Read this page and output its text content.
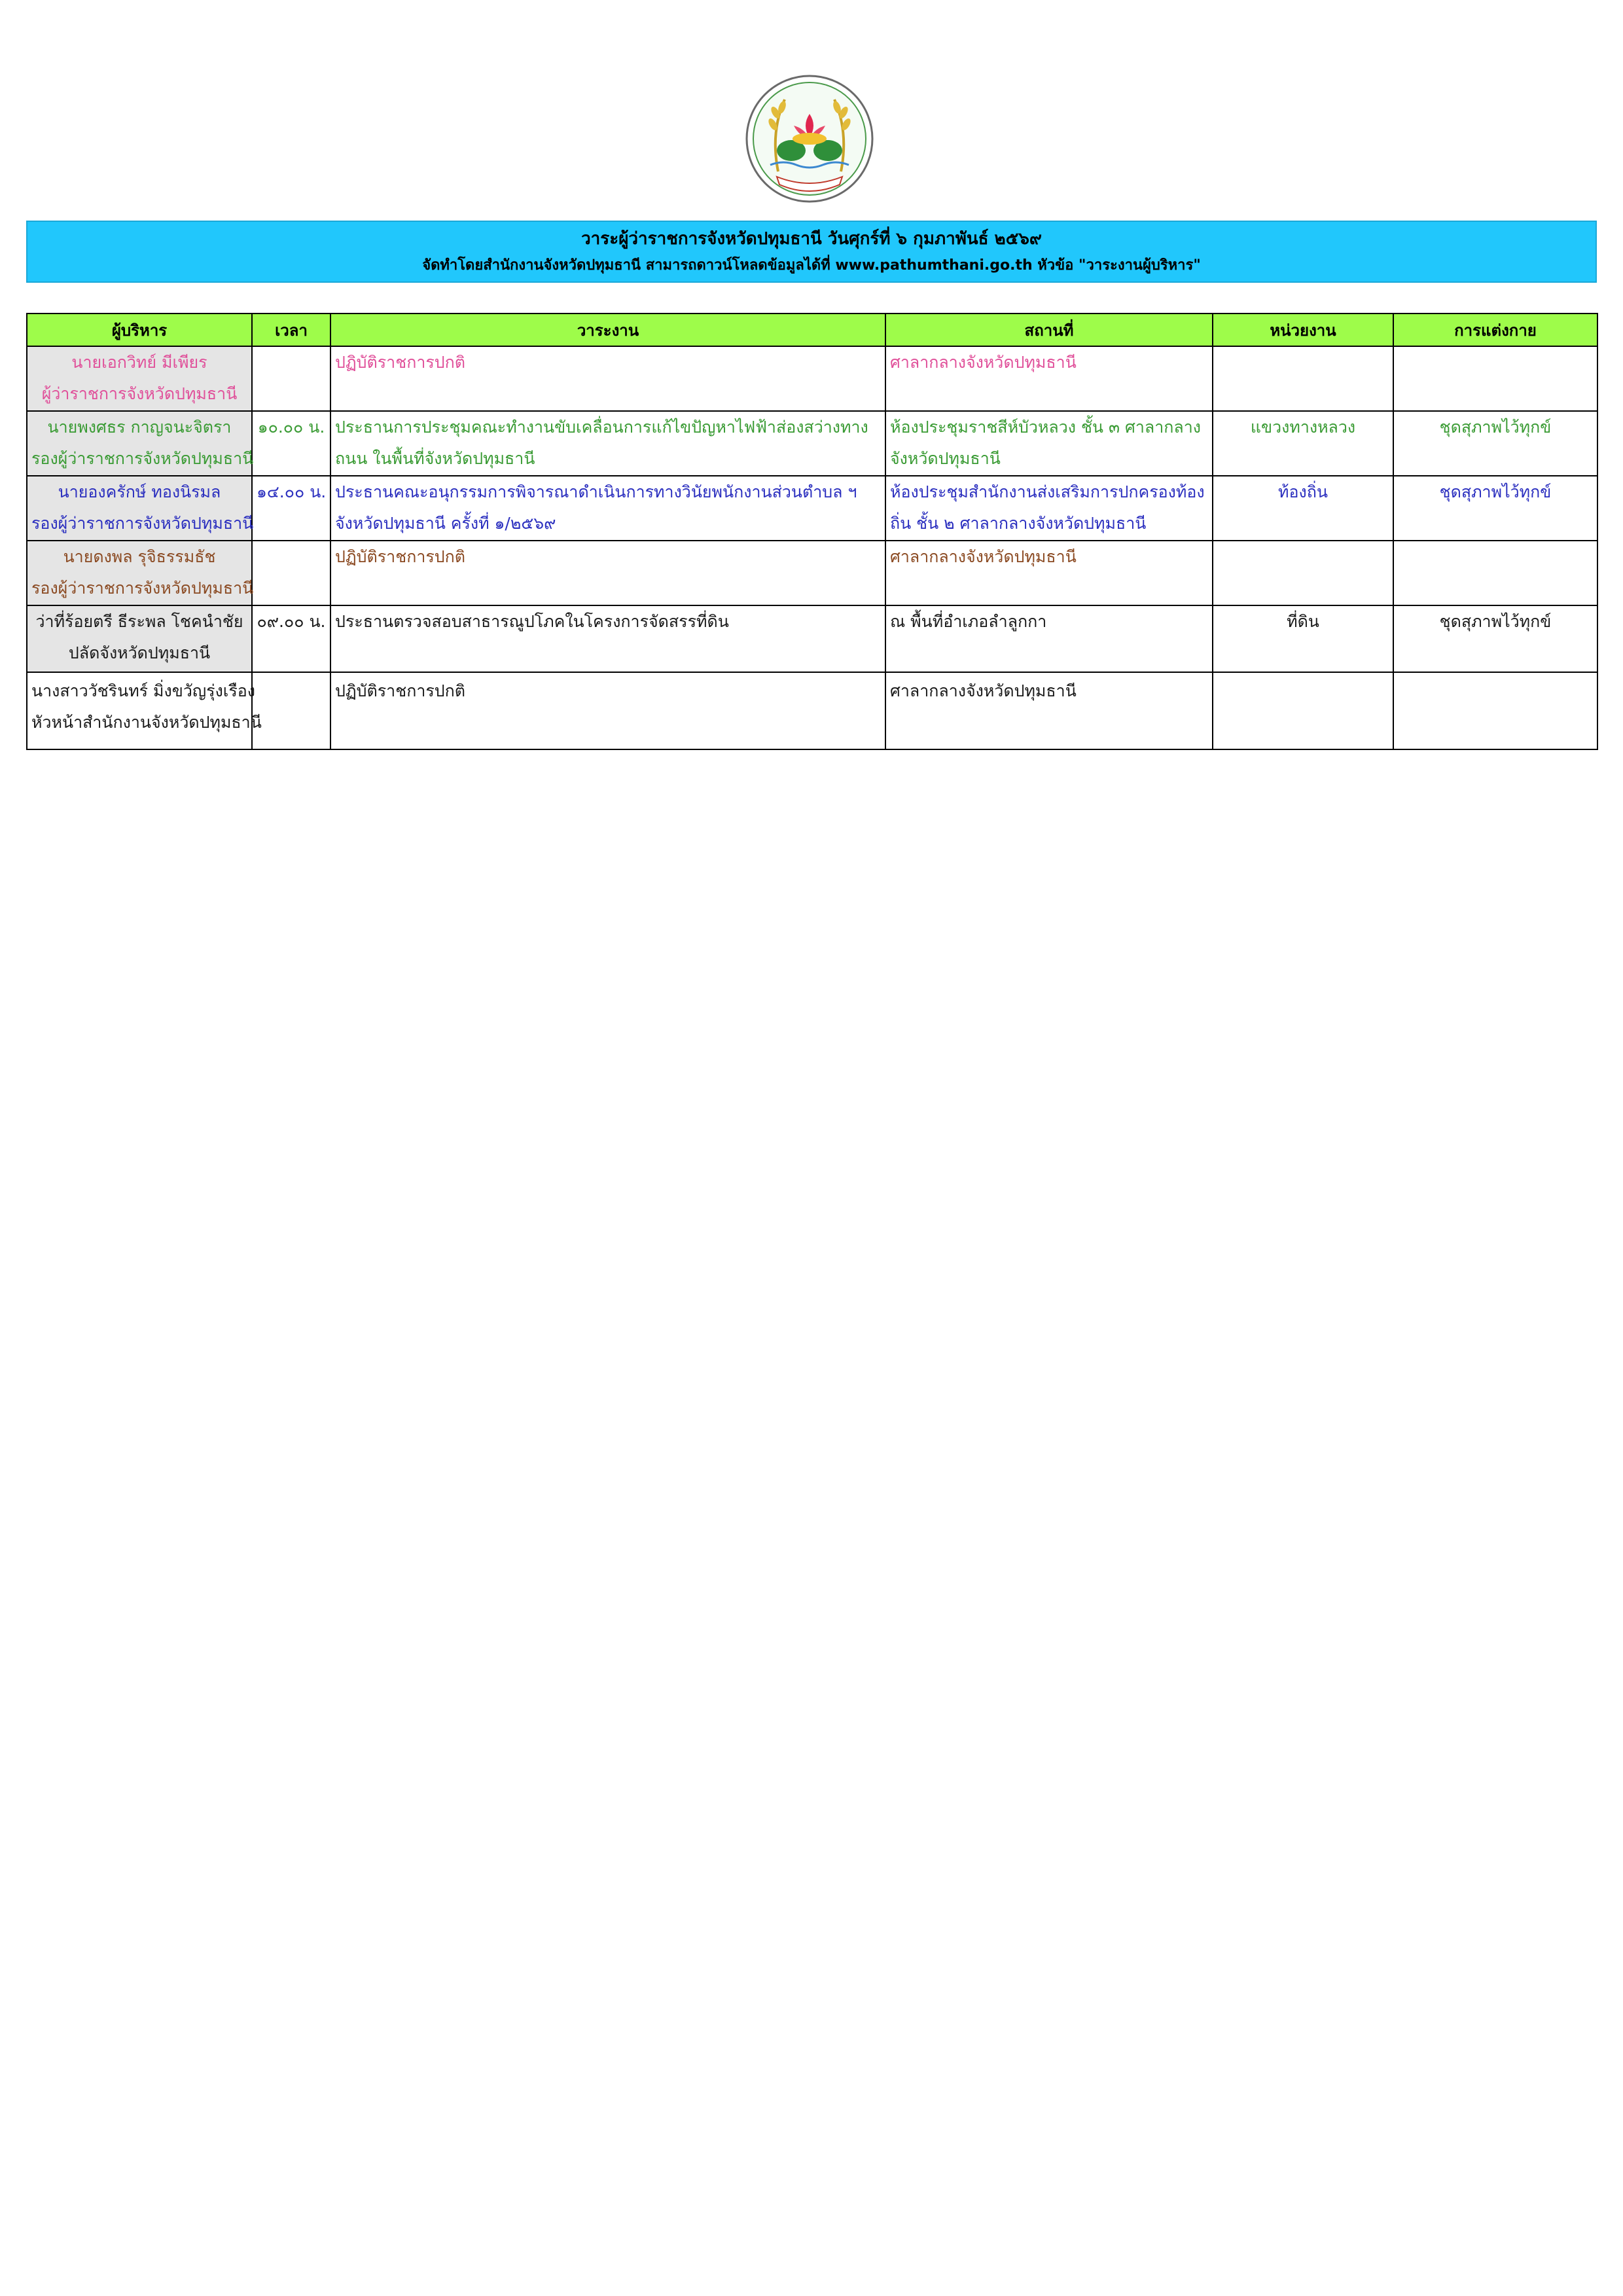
วาระผู้ว่าราชการจังหวัดปทุมธานี วันศุกร์ที่ ๖ กุมภาพันธ์ ๒๕๖๙
จัดทำโดยสำนักงานจังหวัดปทุมธานี สามารถดาวน์โหลดข้อมูลได้ที่ www.pathumthani.go.th หัวข้อ "วาระงานผู้บริหาร"
ผู้บริหาร	เวลา	วาระงาน	สถานที่	หน่วยงาน	การแต่งกาย

นายเอกวิทย์ มีเพียร
ผู้ว่าราชการจังหวัดปทุมธานี		ปฏิบัติราชการปกติ	ศาลากลางจังหวัดปทุมธานี		

นายพงศธร กาญจนะจิตรา
รองผู้ว่าราชการจังหวัดปทุมธานี	๑๐.๐๐ น.	ประธานการประชุมคณะทำงานขับเคลื่อนการแก้ไขปัญหาไฟฟ้าส่องสว่างทางถนน ในพื้นที่จังหวัดปทุมธานี	ห้องประชุมราชสีห์บัวหลวง ชั้น ๓ ศาลากลางจังหวัดปทุมธานี	แขวงทางหลวง	ชุดสุภาพไว้ทุกข์

นายองครักษ์ ทองนิรมล
รองผู้ว่าราชการจังหวัดปทุมธานี	๑๔.๐๐ น.	ประธานคณะอนุกรรมการพิจารณาดำเนินการทางวินัยพนักงานส่วนตำบล ฯ จังหวัดปทุมธานี ครั้งที่ ๑/๒๕๖๙	ห้องประชุมสำนักงานส่งเสริมการปกครองท้องถิ่น ชั้น ๒ ศาลากลางจังหวัดปทุมธานี	ท้องถิ่น	ชุดสุภาพไว้ทุกข์

นายดงพล รุจิธรรมธัช
รองผู้ว่าราชการจังหวัดปทุมธานี		ปฏิบัติราชการปกติ	ศาลากลางจังหวัดปทุมธานี		

ว่าที่ร้อยตรี ธีระพล โชคนำชัย
ปลัดจังหวัดปทุมธานี	๐๙.๐๐ น.	ประธานตรวจสอบสาธารณูปโภคในโครงการจัดสรรที่ดิน	ณ พื้นที่อำเภอลำลูกกา	ที่ดิน	ชุดสุภาพไว้ทุกข์

นางสาววัชรินทร์ มิ่งขวัญรุ่งเรือง
หัวหน้าสำนักงานจังหวัดปทุมธานี		ปฏิบัติราชการปกติ	ศาลากลางจังหวัดปทุมธานี		
